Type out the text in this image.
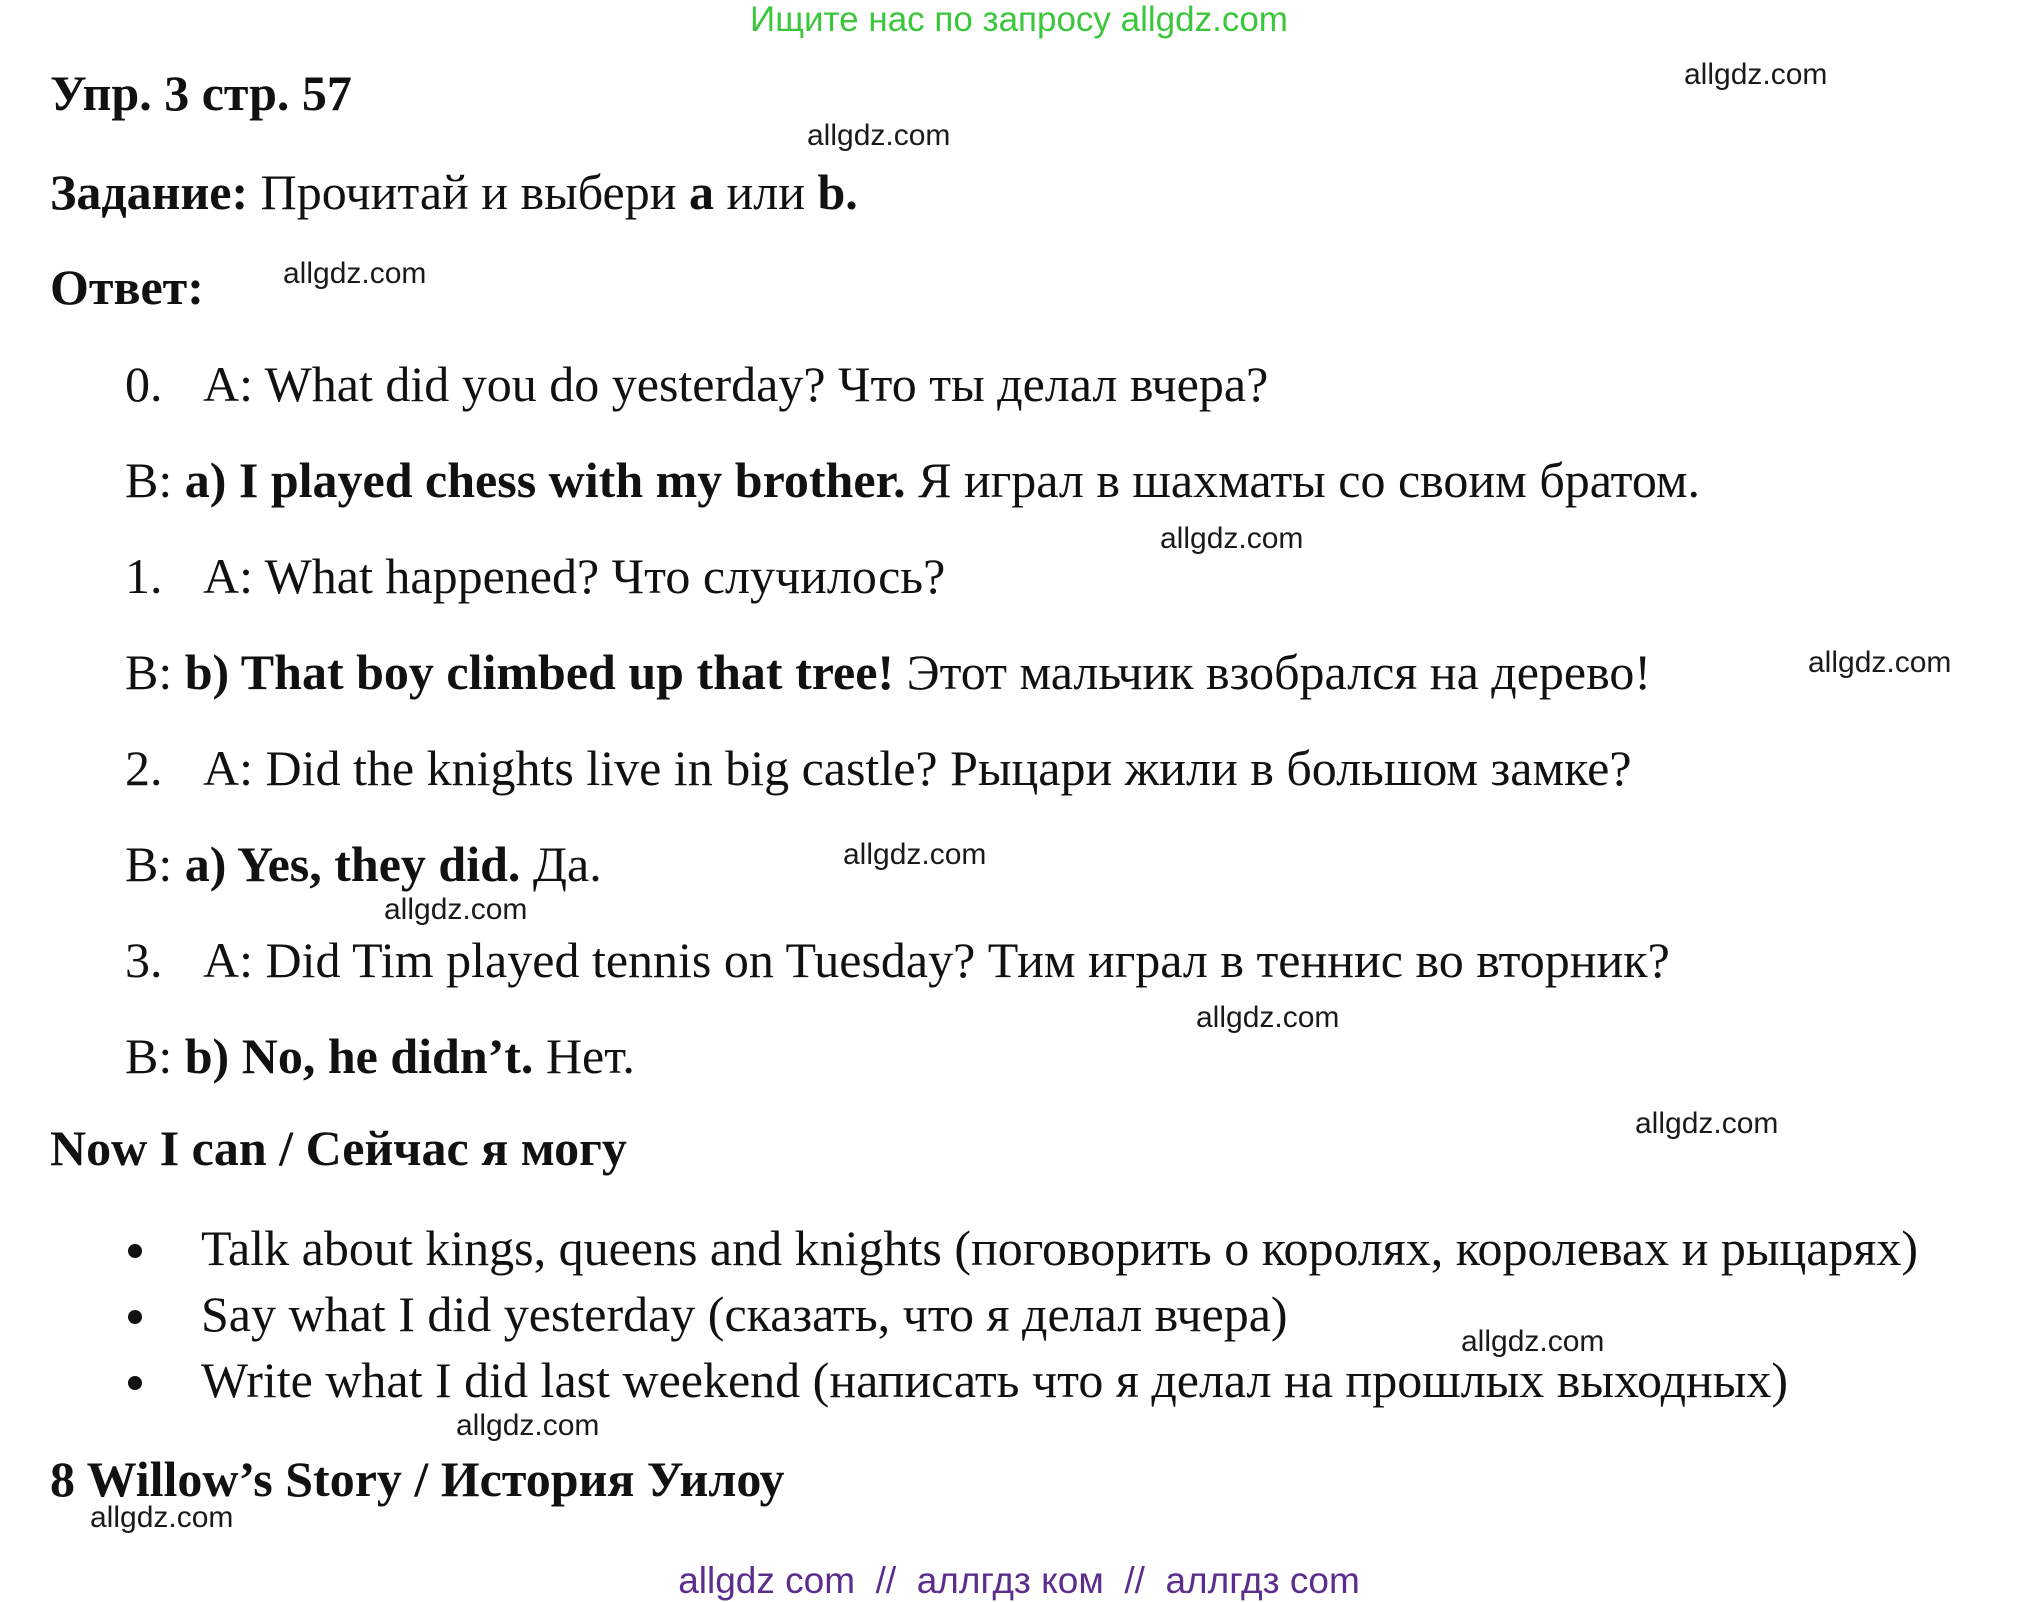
Ищите нас по запросу allgdz.com
Упр. 3 стр. 57
Задание: Прочитай и выбери a или b.
Ответ:
0. A: What did you do yesterday? Что ты делал вчера?
B: a) I played chess with my brother. Я играл в шахматы со своим братом.
1. A: What happened? Что случилось?
B: b) That boy climbed up that tree! Этот мальчик взобрался на дерево!
2. A: Did the knights live in big castle? Рыцари жили в большом замке?
B: a) Yes, they did. Да.
3. A: Did Tim played tennis on Tuesday? Тим играл в теннис во вторник?
B: b) No, he didn’t. Нет.
Now I can / Сейчас я могу
Talk about kings, queens and knights (поговорить о королях, королевах и рыцарях)
Say what I did yesterday (сказать, что я делал вчера)
Write what I did last weekend (написать что я делал на прошлых выходных)
8 Willow’s Story / История Уилоу
allgdz.com
allgdz.com
allgdz.com
allgdz.com
allgdz.com
allgdz.com
allgdz.com
allgdz.com
allgdz.com
allgdz.com
allgdz.com
allgdz.com
allgdz com  //  аллгдз ком  //  аллгдз com
